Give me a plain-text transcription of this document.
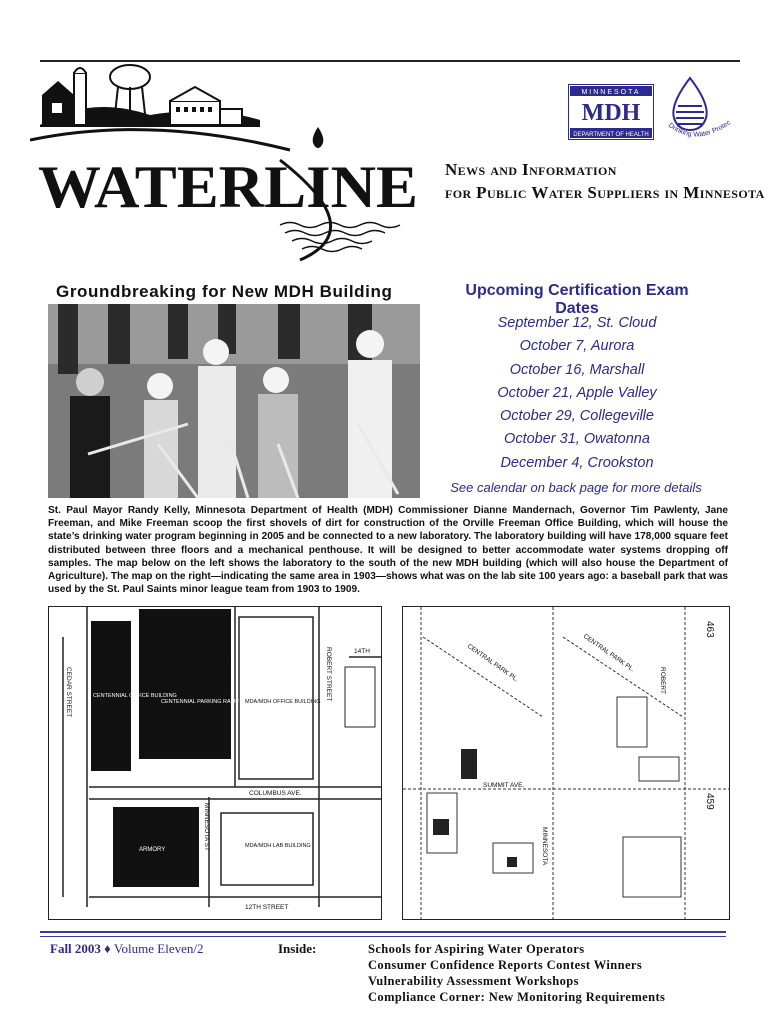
WATERLINE
MINNESOTA
MDH
DEPARTMENT OF HEALTH
Drinking Water Protec
News and Information
for Public Water Suppliers in Minnesota
Groundbreaking for New MDH Building	Upcoming Certification Exam Dates
September 12, St. Cloud
October 7, Aurora
October 16, Marshall
October 21, Apple Valley
October 29, Collegeville
October 31, Owatonna
December 4, Crookston
See calendar on back page for more details
St. Paul Mayor Randy Kelly, Minnesota Department of Health (MDH) Commissioner Dianne Mandernach, Governor Tim Pawlenty, Jane Freeman, and Mike Freeman scoop the first shovels of dirt for construction of the Orville Freeman Office Building, which will house the state’s drinking water program beginning in 2005 and be connected to a new laboratory. The laboratory building will have 178,000 square feet distributed between three floors and a mechanical penthouse. It will be designed to better accommodate water systems dropping off samples. The map below on the left shows the laboratory to the south of the new MDH building (which will also house the Department of Agriculture). The map on the right—indicating the same area in 1903—shows what was on the lab site 100 years ago: a baseball park that was used by the St. Paul Saints minor league team from 1903 to 1909.
CEDAR STREET
CENTRAL PARK EAST	ROBERT STREET	14TH
COLUMBUS AVE.
MINNESOTA ST
12TH STREET
CENTENNIAL OFFICE BUILDING
CENTENNIAL PARKING RAMP MDA/MDH OFFICE BUILDING
ARMORY
MDA/MDH LAB BUILDING
CENTRAL PARK PL.	CENTRAL PARK PL.
SUMMIT AVE.
ROBERT
MINNESOTA
463
459
Fall 2003 ♦ Volume Eleven/2	Inside:	Schools for Aspiring Water Operators
Consumer Confidence Reports Contest Winners
Vulnerability Assessment Workshops
Compliance Corner: New Monitoring Requirements
